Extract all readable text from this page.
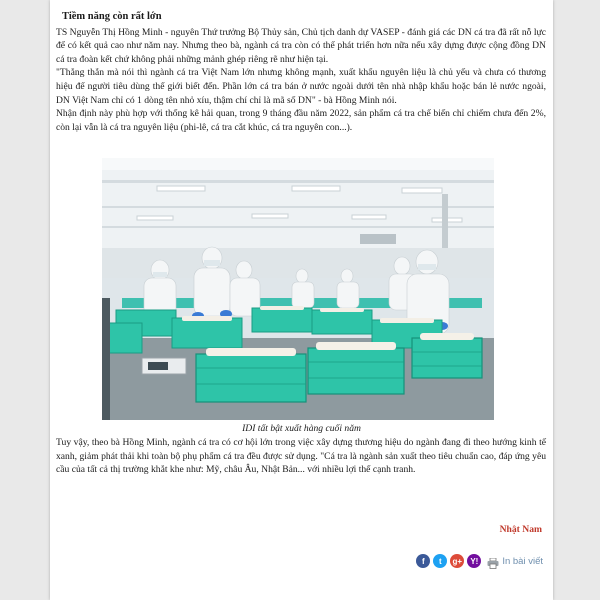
Tiềm năng còn rất lớn

TS Nguyễn Thị Hồng Minh - nguyên Thứ trưởng Bộ Thủy sản, Chủ tịch danh dự VASEP - đánh giá các DN cá tra đã rất nỗ lực để có kết quả cao như năm nay. Nhưng theo bà, ngành cá tra còn có thể phát triển hơn nữa nếu xây dựng được cộng đồng DN cá tra đoàn kết chứ không phải những mảnh ghép riêng rẽ như hiện tại.

"Thẳng thắn mà nói thì ngành cá tra Việt Nam lớn nhưng không mạnh, xuất khẩu nguyên liệu là chủ yếu và chưa có thương hiệu để người tiêu dùng thế giới biết đến. Phần lớn cá tra bán ở nước ngoài dưới tên nhà nhập khẩu hoặc bán lẻ nước ngoài, DN Việt Nam chỉ có 1 dòng tên nhỏ xíu, thậm chí chỉ là mã số DN" - bà Hồng Minh nói.

Nhận định này phù hợp với thống kê hải quan, trong 9 tháng đầu năm 2022, sản phẩm cá tra chế biến chỉ chiếm chưa đến 2%, còn lại vẫn là cá tra nguyên liệu (phi-lê, cá tra cắt khúc, cá tra nguyên con...).

IDI tất bật xuất hàng cuối năm

Tuy vậy, theo bà Hồng Minh, ngành cá tra có cơ hội lớn trong việc xây dựng thương hiệu do ngành đang đi theo hướng kinh tế xanh, giảm phát thải khi toàn bộ phụ phẩm cá tra đều được sử dụng. "Cá tra là ngành sản xuất theo tiêu chuẩn cao, đáp ứng yêu cầu của tất cả thị trường khắt khe như: Mỹ, châu Âu, Nhật Bản... với nhiều lợi thế cạnh tranh.

Nhật Nam
f	t	g+	Y!	In bài viết
